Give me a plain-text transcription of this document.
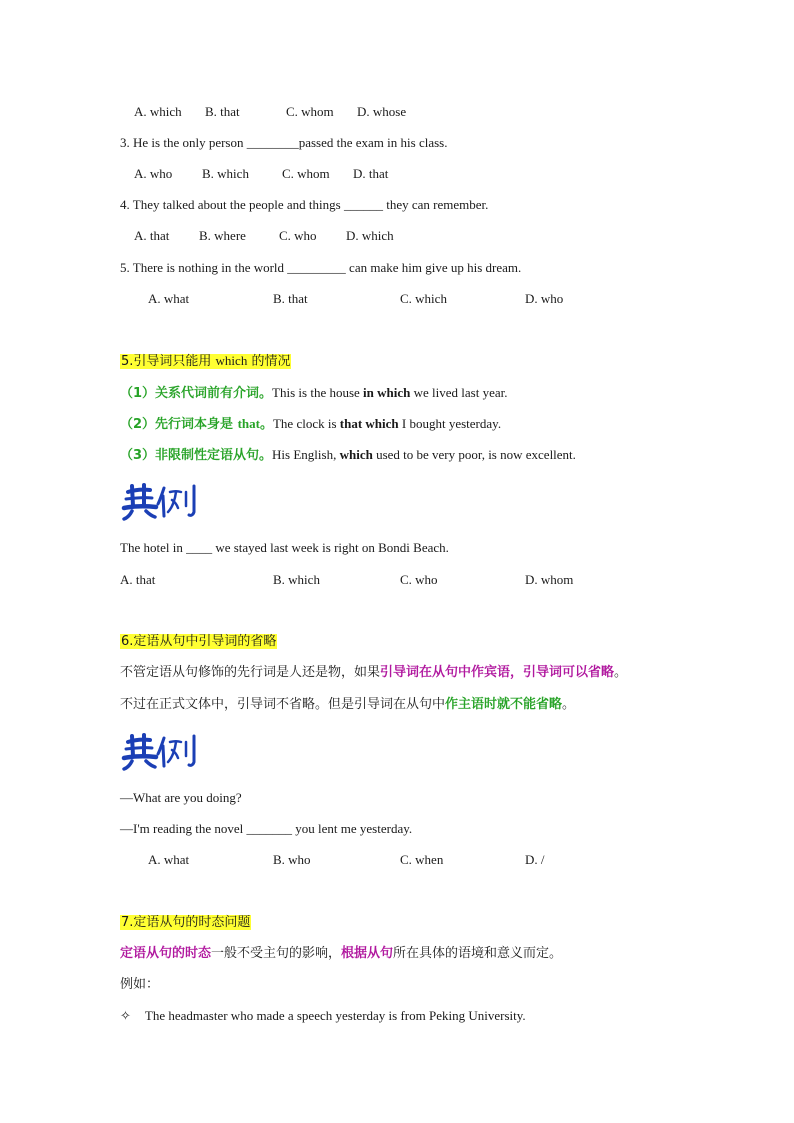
A. which B. that	C. whom D. whose
3. He is the only person ________passed the exam in his class.
A. who B. which	C. whom D. that
4. They talked about the people and things ______ they can remember.
A. that B. where	C. who D. which
5. There is nothing in the world _________ can make him give up his dream.
A. what	B. that	C. which	D. who
5.引导词只能用 which 的情况
（1）关系代词前有介词。This is the house in which we lived last year.
（2）先行词本身是 that。The clock is that which I bought yesterday.
（3）非限制性定语从句。His English, which used to be very poor, is now excellent.
The hotel in ____ we stayed last week is right on Bondi Beach.
A. that	B. which	C. who	D. whom
6.定语从句中引导词的省略
不管定语从句修饰的先行词是人还是物，如果引导词在从句中作宾语，引导词可以省略。
不过在正式文体中，引导词不省略。但是引导词在从句中作主语时就不能省略。
—What are you doing?
—I'm reading the novel _______ you lent me yesterday.
A. what	B. who	C. when	D. /
7.定语从句的时态问题
定语从句的时态一般不受主句的影响，根据从句所在具体的语境和意义而定。
例如：
✧ The headmaster who made a speech yesterday is from Peking University.
